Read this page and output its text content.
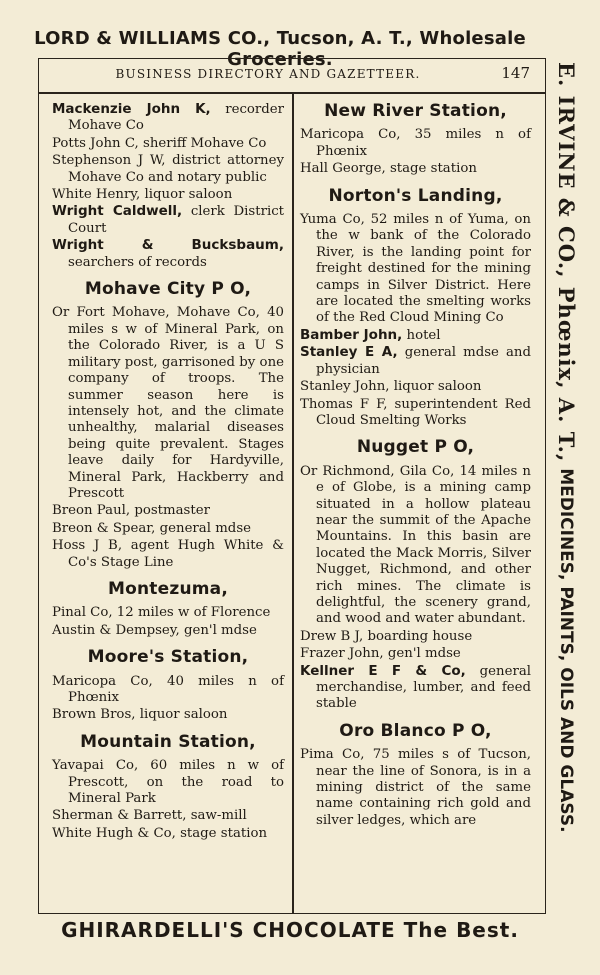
LORD & WILLIAMS CO., Tucson, A. T., Wholesale Groceries.
BUSINESS DIRECTORY AND GAZETTEER.	147 E. IRVINE & CO., Phœnix, A. T., MEDICINES, PAINTS, OILS AND GLASS.
Mackenzie John K, recorder Mohave Co
Potts John C, sheriff Mohave Co
Stephenson J W, district attorney Mohave Co and notary public
White Henry, liquor saloon
Wright Caldwell, clerk District Court
Wright & Bucksbaum, searchers of records
Mohave City P O,
Or Fort Mohave, Mohave Co, 40 miles s w of Mineral Park, on the Colorado River, is a U S military post, garrisoned by one company of troops. The summer season here is intensely hot, and the climate unhealthy, malarial diseases being quite prevalent. Stages leave daily for Hardyville, Mineral Park, Hackberry and Prescott
Breon Paul, postmaster
Breon & Spear, general mdse
Hoss J B, agent Hugh White & Co's Stage Line
Montezuma,
Pinal Co, 12 miles w of Florence
Austin & Dempsey, gen'l mdse
Moore's Station,
Maricopa Co, 40 miles n of Phœnix
Brown Bros, liquor saloon
Mountain Station,
Yavapai Co, 60 miles n w of Prescott, on the road to Mineral Park
Sherman & Barrett, saw-mill
White Hugh & Co, stage station
New River Station,
Maricopa Co, 35 miles n of Phœnix
Hall George, stage station
Norton's Landing,
Yuma Co, 52 miles n of Yuma, on the w bank of the Colorado River, is the landing point for freight destined for the mining camps in Silver District. Here are located the smelting works of the Red Cloud Mining Co
Bamber John, hotel
Stanley E A, general mdse and physician
Stanley John, liquor saloon
Thomas F F, superintendent Red Cloud Smelting Works
Nugget P O,
Or Richmond, Gila Co, 14 miles n e of Globe, is a mining camp situated in a hollow plateau near the summit of the Apache Mountains. In this basin are located the Mack Morris, Silver Nugget, Richmond, and other rich mines. The climate is delightful, the scenery grand, and wood and water abundant.
Drew B J, boarding house
Frazer John, gen'l mdse
Kellner E F & Co, general merchandise, lumber, and feed stable
Oro Blanco P O,
Pima Co, 75 miles s of Tucson, near the line of Sonora, is in a mining district of the same name containing rich gold and silver ledges, which are
GHIRARDELLI'S CHOCOLATE The Best.
